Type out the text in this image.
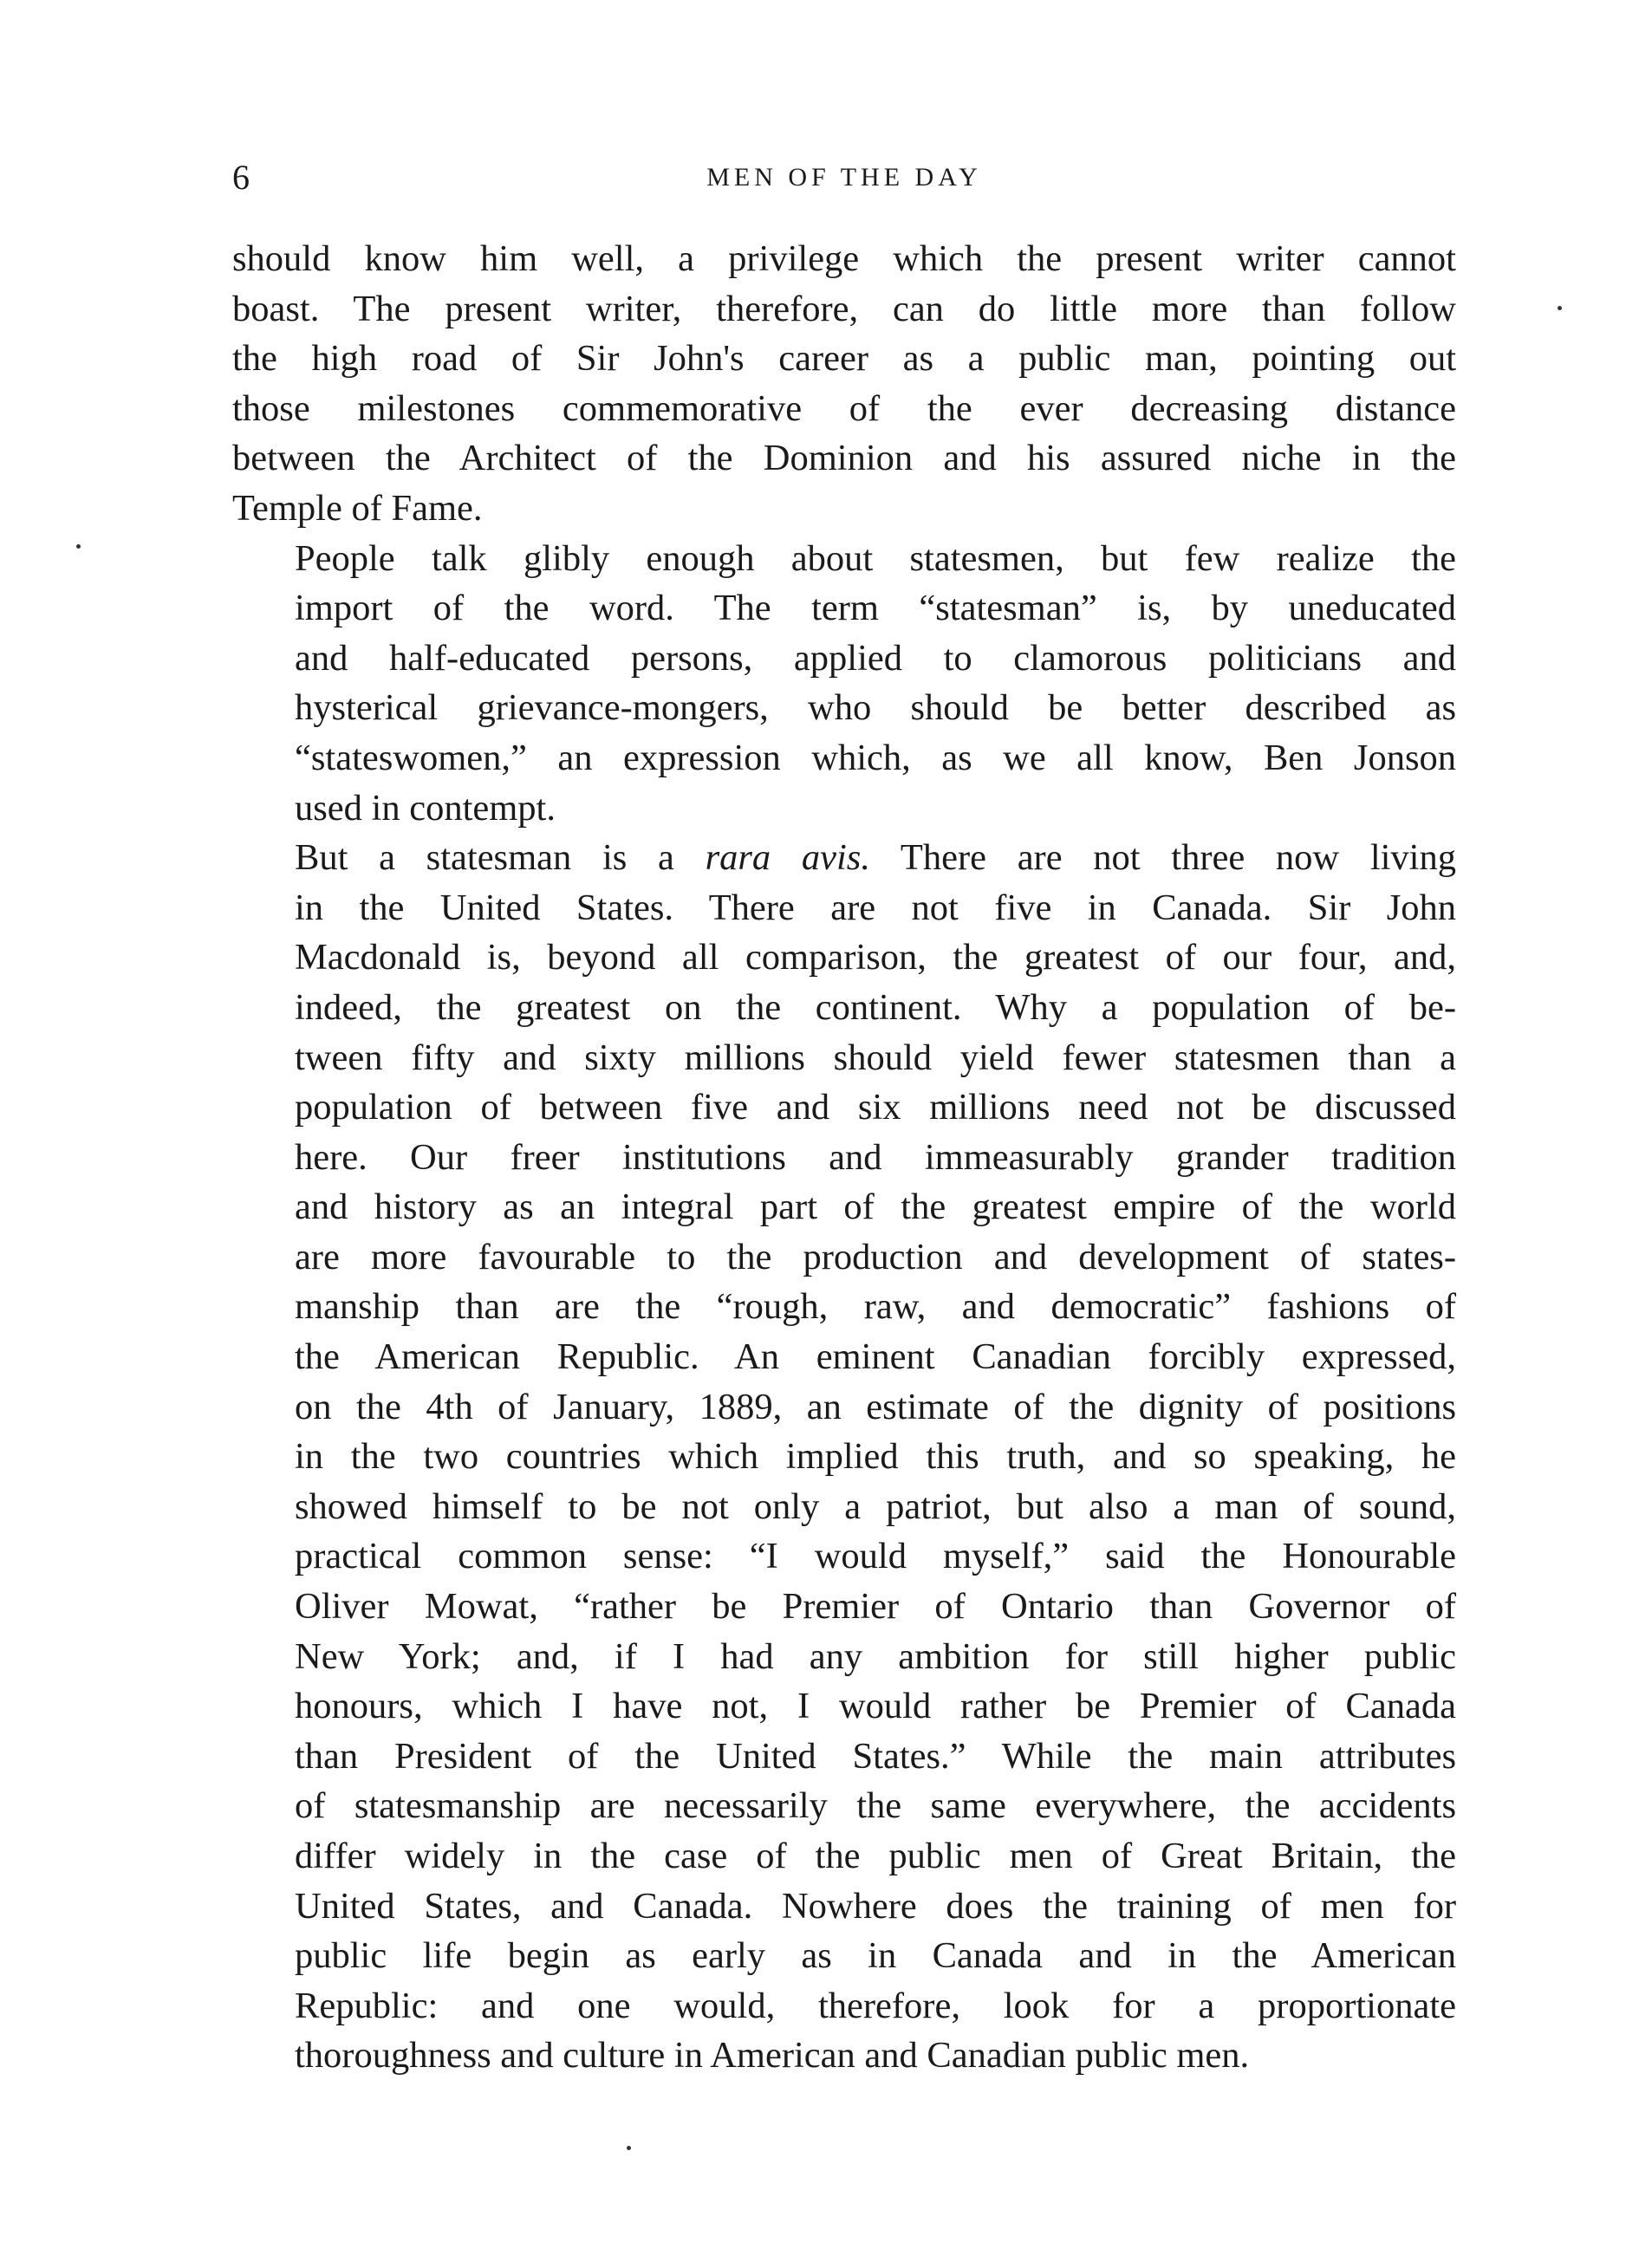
6	MEN OF THE DAY
should know him well, a privilege which the present writer cannot
boast. The present writer, therefore, can do little more than follow
the high road of Sir John's career as a public man, pointing out
those milestones commemorative of the ever decreasing distance
between the Architect of the Dominion and his assured niche in the
Temple of Fame.
People talk glibly enough about statesmen, but few realize the
import of the word. The term “statesman” is, by uneducated
and half-educated persons, applied to clamorous politicians and
hysterical grievance-mongers, who should be better described as
“stateswomen,” an expression which, as we all know, Ben Jonson
used in contempt.
But a statesman is a rara avis. There are not three now living
in the United States. There are not five in Canada. Sir John
Macdonald is, beyond all comparison, the greatest of our four, and,
indeed, the greatest on the continent. Why a population of be-
tween fifty and sixty millions should yield fewer statesmen than a
population of between five and six millions need not be discussed
here. Our freer institutions and immeasurably grander tradition
and history as an integral part of the greatest empire of the world
are more favourable to the production and development of states-
manship than are the “rough, raw, and democratic” fashions of
the American Republic. An eminent Canadian forcibly expressed,
on the 4th of January, 1889, an estimate of the dignity of positions
in the two countries which implied this truth, and so speaking, he
showed himself to be not only a patriot, but also a man of sound,
practical common sense: “I would myself,” said the Honourable
Oliver Mowat, “rather be Premier of Ontario than Governor of
New York; and, if I had any ambition for still higher public
honours, which I have not, I would rather be Premier of Canada
than President of the United States.” While the main attributes
of statesmanship are necessarily the same everywhere, the accidents
differ widely in the case of the public men of Great Britain, the
United States, and Canada. Nowhere does the training of men for
public life begin as early as in Canada and in the American
Republic: and one would, therefore, look for a proportionate
thoroughness and culture in American and Canadian public men.
